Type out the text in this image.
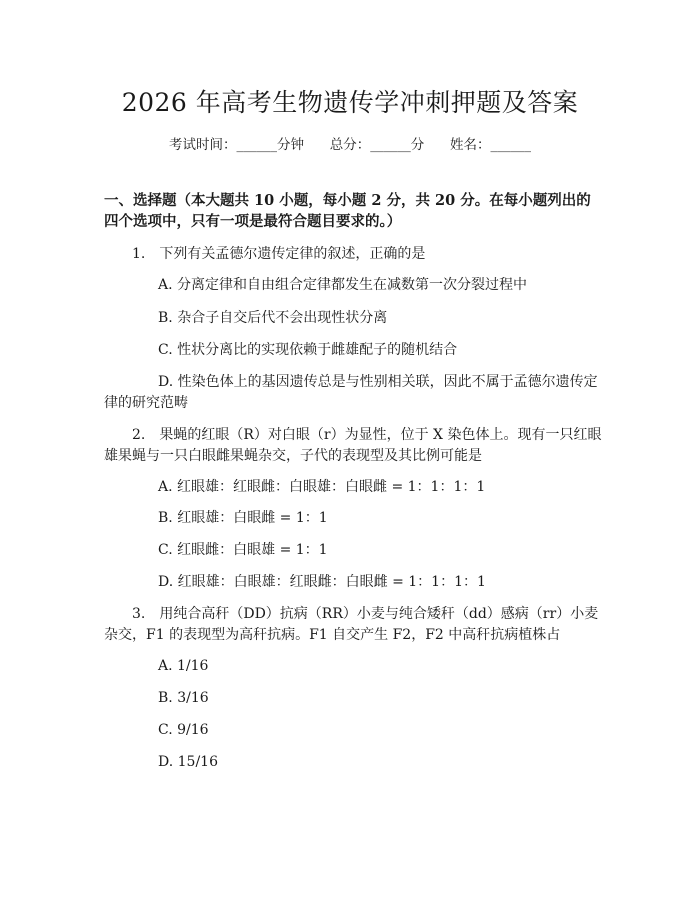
2026 年高考生物遗传学冲刺押题及答案
考试时间：______分钟 总分：______分 姓名：______
一、选择题（本大题共 10 小题，每小题 2 分，共 20 分。在每小题列出的四个选项中，只有一项是最符合题目要求的。）
1.　下列有关孟德尔遗传定律的叙述，正确的是
A. 分离定律和自由组合定律都发生在减数第一次分裂过程中
B. 杂合子自交后代不会出现性状分离
C. 性状分离比的实现依赖于雌雄配子的随机结合
D. 性染色体上的基因遗传总是与性别相关联，因此不属于孟德尔遗传定律的研究范畴
2.　果蝇的红眼（R）对白眼（r）为显性，位于 X 染色体上。现有一只红眼雄果蝇与一只白眼雌果蝇杂交，子代的表现型及其比例可能是
A. 红眼雄：红眼雌：白眼雄：白眼雌 = 1：1：1：1
B. 红眼雄：白眼雌 = 1：1
C. 红眼雌：白眼雄 = 1：1
D. 红眼雄：白眼雄：红眼雌：白眼雌 = 1：1：1：1
3.　用纯合高秆（DD）抗病（RR）小麦与纯合矮秆（dd）感病（rr）小麦杂交，F1 的表现型为高秆抗病。F1 自交产生 F2，F2 中高秆抗病植株占
A. 1/16
B. 3/16
C. 9/16
D. 15/16
